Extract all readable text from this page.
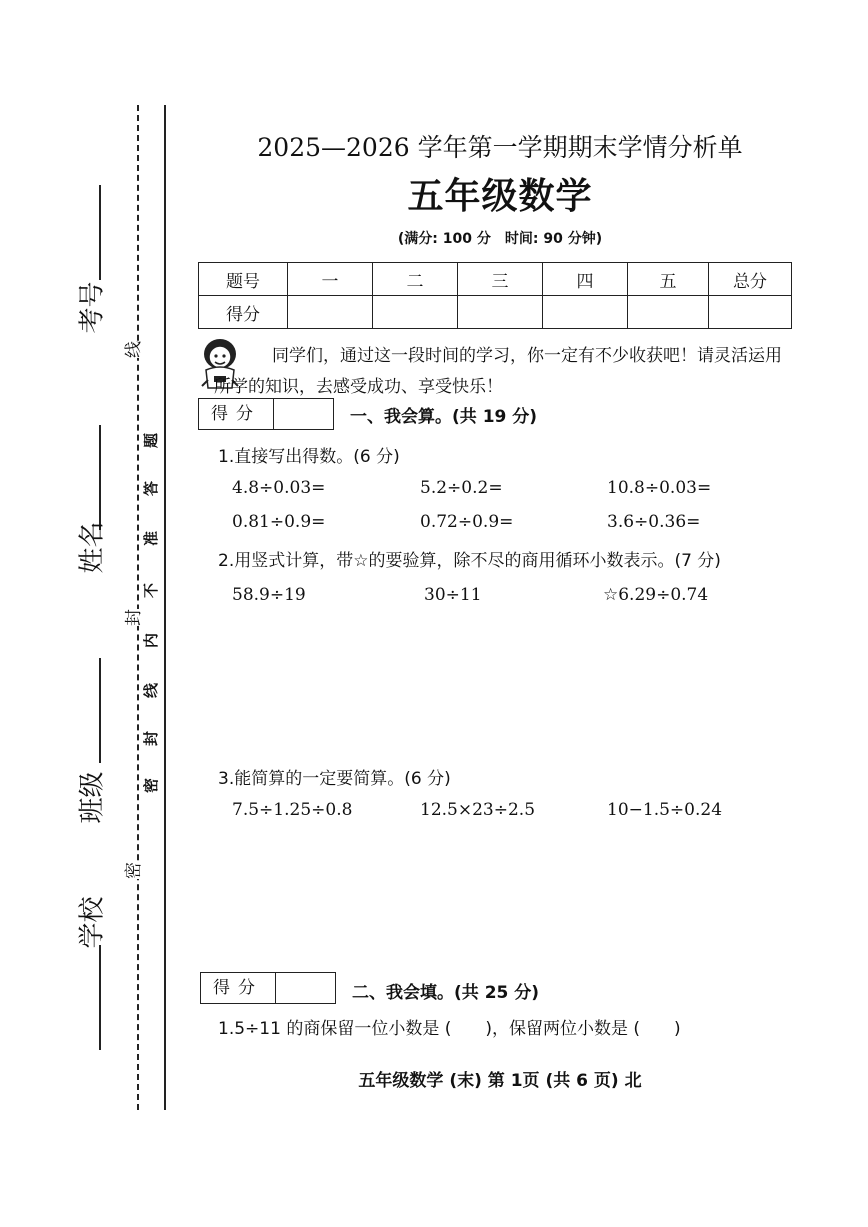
考号
姓名
班级
学校
线
封
密
题
答
准
不
内
线
封
密
2025—2026 学年第一学期期末学情分析单
五年级数学
(满分: 100 分　时间: 90 分钟)
题号	一	二	三	四	五	总分
得分						
同学们，通过这一段时间的学习，你一定有不少收获吧！请灵活运用
所学的知识，去感受成功、享受快乐！
得分	一、我会算。(共 19 分)
1.直接写出得数。(6 分)
4.8÷0.03=	5.2÷0.2=	10.8÷0.03=
0.81÷0.9=	0.72÷0.9=	3.6÷0.36=
2.用竖式计算，带☆的要验算，除不尽的商用循环小数表示。(7 分)
58.9÷19	30÷11	☆6.29÷0.74
3.能简算的一定要简算。(6 分)
7.5÷1.25÷0.8	12.5×23÷2.5	10−1.5÷0.24
得分	二、我会填。(共 25 分)
1.5÷11 的商保留一位小数是 (　　)，保留两位小数是 (　　)
五年级数学 (末) 第 1页 (共 6 页) 北
